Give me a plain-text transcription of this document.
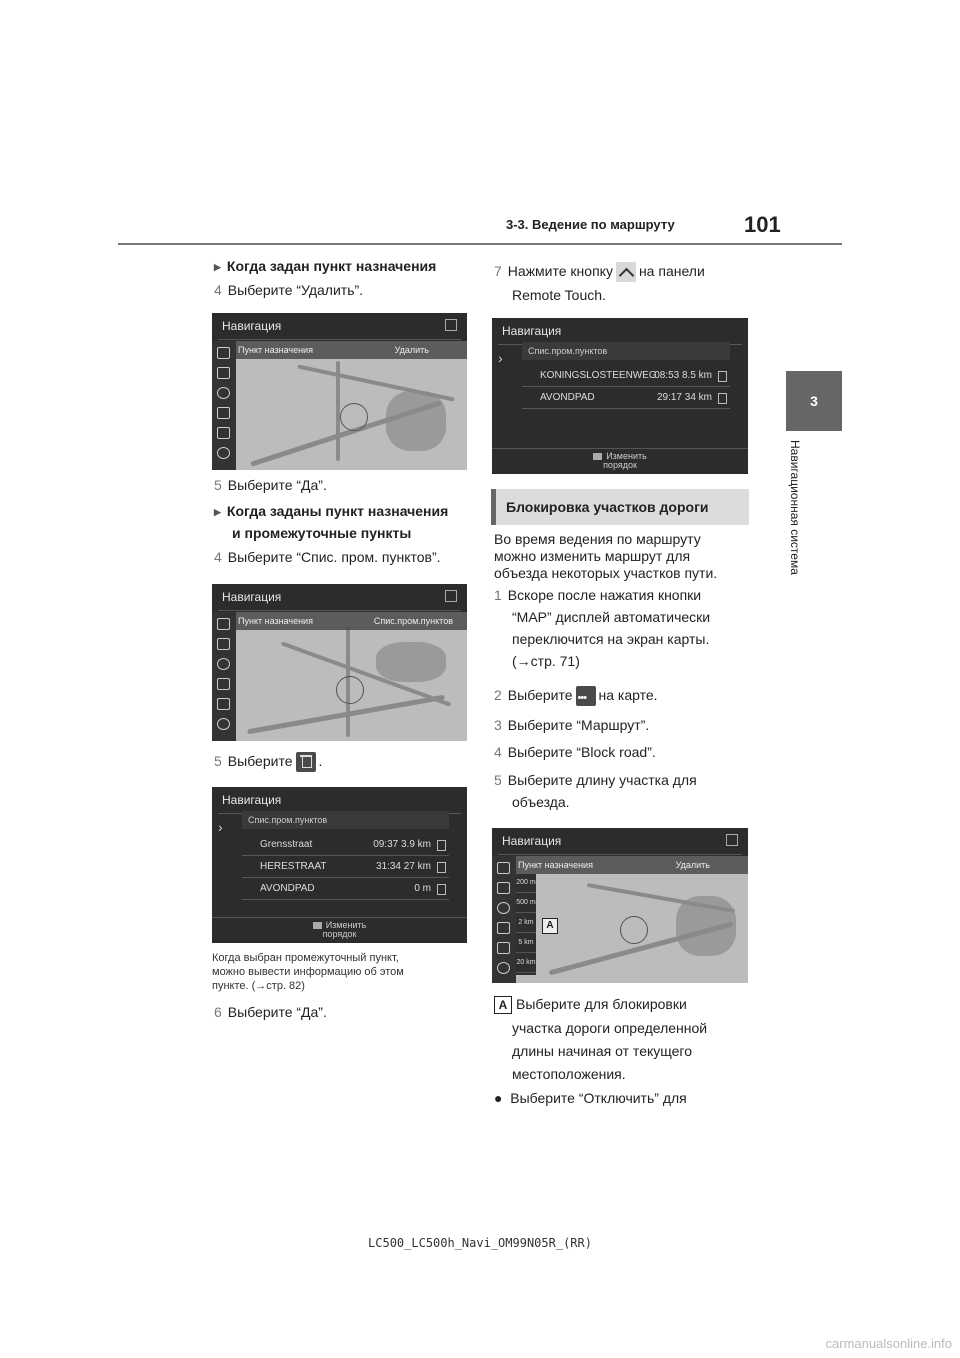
3-3. Ведение по маршруту	101
3
Навигационная система
▶ Когда задан пункт назначения
4 Выберите “Удалить”.
Навигация
Пункт назначения	Удалить
5 Выберите “Да”.
▶ Когда заданы пункт назначения
и промежуточные пункты
4 Выберите “Спис. пром. пунктов”.
Навигация
Пункт назначения	Спис.пром.пунктов
5 Выберите .
Навигация
›	Спис.пром.пунктов
Grensstraat	09:37 3.9 km
HERESTRAAT	31:34 27 km
AVONDPAD	0 m
Изменить
порядок
Когда выбран промежуточный пункт,
можно вывести информацию об этом
пункте. (→стр. 82)
6 Выберите “Да”.
7 Нажмите кнопку на панели
Remote Touch.
Навигация
›	Спис.пром.пунктов
KONINGSLOSTEENWEG
08:53 8.5 km
AVONDPAD	29:17 34 km
Изменить
порядок
Блокировка участков дороги
Во время ведения по маршруту
можно изменить маршрут для
объезда некоторых участков пути.
1 Вскоре после нажатия кнопки
“MAP” дисплей автоматически
переключится на экран карты.
(→стр. 71)
2 Выберите••• на карте.
3 Выберите “Маршрут”.
4 Выберите “Block road”.
5 Выберите длину участка для
объезда.
Навигация
Пункт назначения	Удалить
200 m
500 m
2 km
5 km
20 km
A
A Выберите для блокировки
участка дороги определенной
длины начиная от текущего
местоположения.
● Выберите “Отключить” для
LC500_LC500h_Navi_OM99N05R_(RR)
carmanualsonline.info
